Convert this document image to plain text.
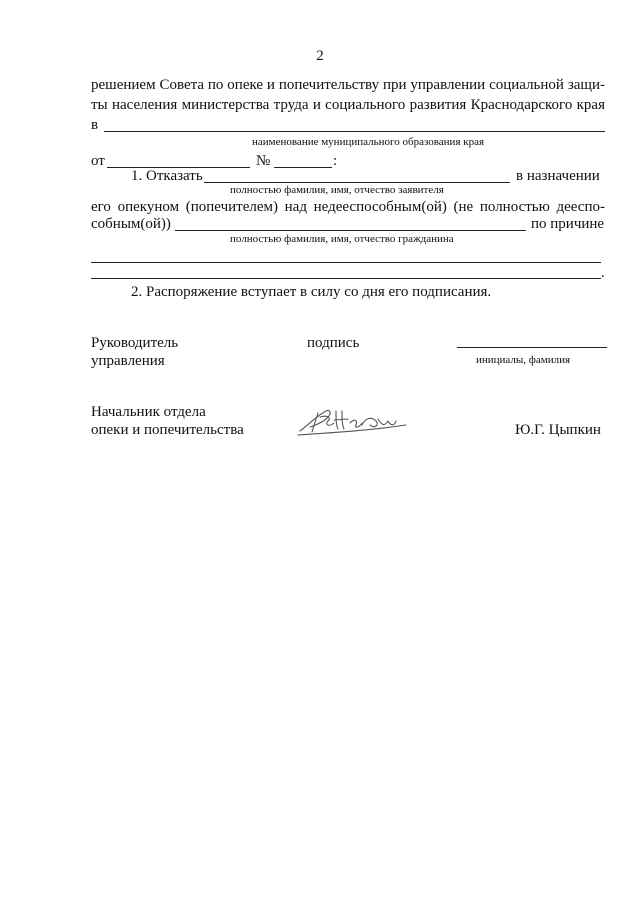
2
решением Совета по опеке и попечительству при управлении социальной защи-
ты населения министерства труда и социального развития Краснодарского края
в
наименование муниципального образования края
от	№	:
1. Отказать	в назначении
полностью фамилия, имя, отчество заявителя
его опекуном (попечителем) над недееспособным(ой) (не полностью дееспо-
собным(ой))	по причине
полностью фамилия, имя, отчество гражданина
.
2. Распоряжение вступает в силу со дня его подписания.
Руководитель
управления
подпись
инициалы, фамилия
Начальник отдела
опеки и попечительства	Ю.Г. Цыпкин
